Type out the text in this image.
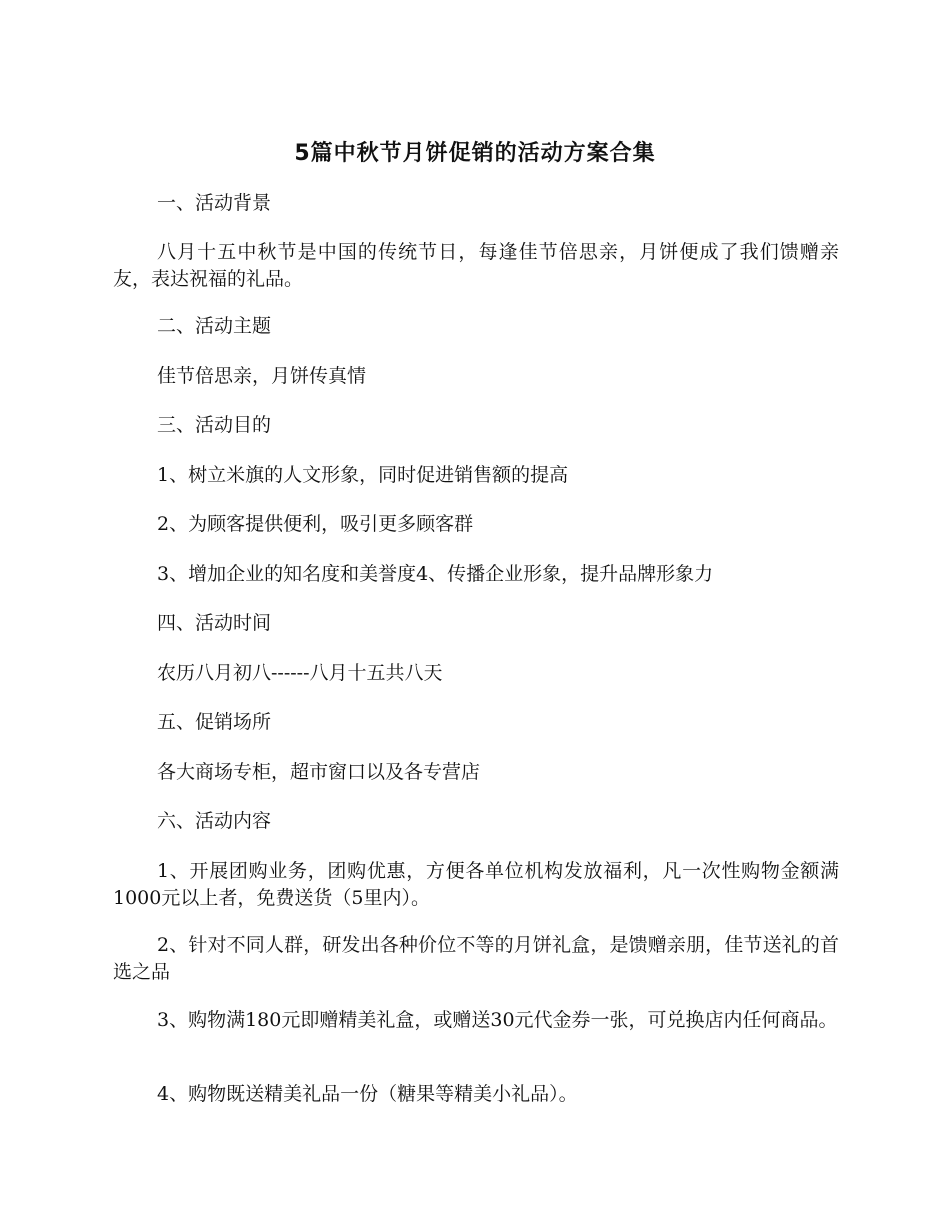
5篇中秋节月饼促销的活动方案合集

一、活动背景

八月十五中秋节是中国的传统节日，每逢佳节倍思亲，月饼便成了我们馈赠亲友，表达祝福的礼品。

二、活动主题

佳节倍思亲，月饼传真情

三、活动目的

1、树立米旗的人文形象，同时促进销售额的提高

2、为顾客提供便利，吸引更多顾客群

3、增加企业的知名度和美誉度4、传播企业形象，提升品牌形象力

四、活动时间

农历八月初八------八月十五共八天

五、促销场所

各大商场专柜，超市窗口以及各专营店

六、活动内容

1、开展团购业务，团购优惠，方便各单位机构发放福利，凡一次性购物金额满1000元以上者，免费送货（5里内）。

2、针对不同人群，研发出各种价位不等的月饼礼盒，是馈赠亲朋，佳节送礼的首选之品

3、购物满180元即赠精美礼盒，或赠送30元代金券一张，可兑换店内任何商品。

4、购物既送精美礼品一份（糖果等精美小礼品）。
